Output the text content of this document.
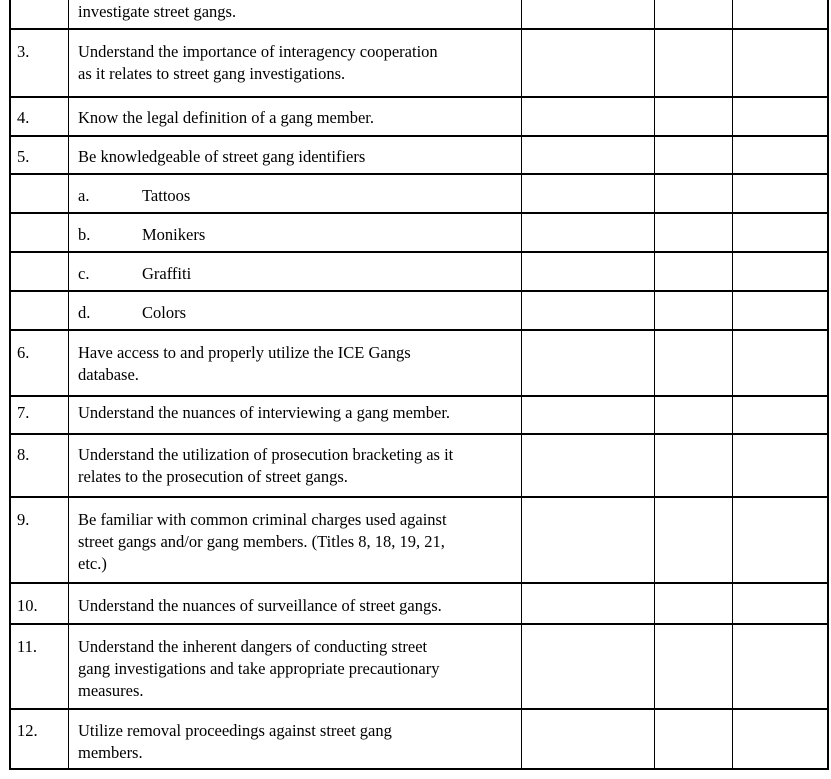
investigate street gangs.
3.	Understand the importance of interagency cooperation
as it relates to street gang investigations.
4.	Know the legal definition of a gang member.
5.	Be knowledgeable of street gang identifiers
a.	Tattoos
b.	Monikers
c.	Graffiti
d.	Colors
6.	Have access to and properly utilize the ICE Gangs
database.
7.	Understand the nuances of interviewing a gang member.
8.	Understand the utilization of prosecution bracketing as it
relates to the prosecution of street gangs.
9.	Be familiar with common criminal charges used against
street gangs and/or gang members. (Titles 8, 18, 19, 21,
etc.)
10. Understand the nuances of surveillance of street gangs.
11. Understand the inherent dangers of conducting street
gang investigations and take appropriate precautionary
measures.
12. Utilize removal proceedings against street gang
members.
